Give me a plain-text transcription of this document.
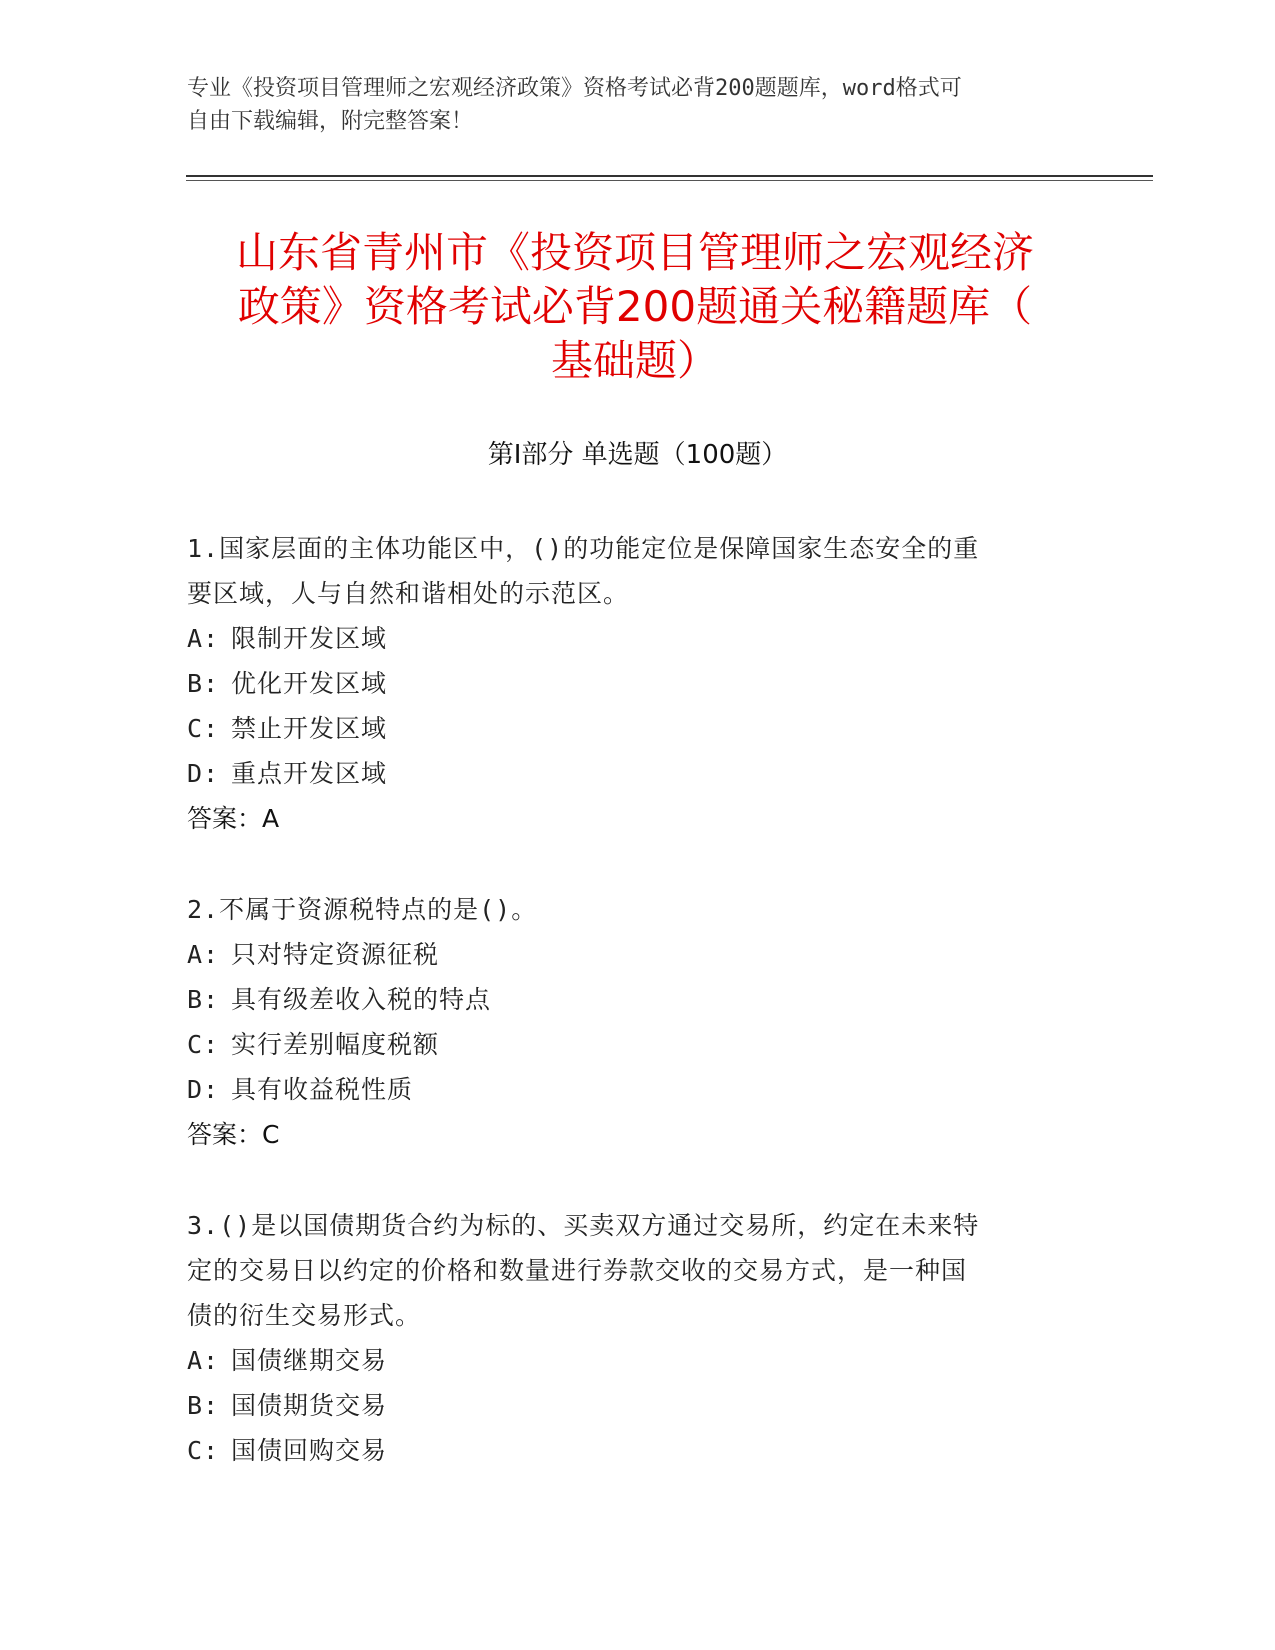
专业《投资项目管理师之宏观经济政策》资格考试必背200题题库，word格式可
自由下载编辑，附完整答案！
山东省青州市《投资项目管理师之宏观经济
政策》资格考试必背200题通关秘籍题库（
基础题）
第Ⅰ部分 单选题（100题）
1.国家层面的主体功能区中，()的功能定位是保障国家生态安全的重
要区域，人与自然和谐相处的示范区。
A: 限制开发区域
B: 优化开发区域
C: 禁止开发区域
D: 重点开发区域
答案：A
2.不属于资源税特点的是()。
A: 只对特定资源征税
B: 具有级差收入税的特点
C: 实行差别幅度税额
D: 具有收益税性质
答案：C
3.()是以国债期货合约为标的、买卖双方通过交易所，约定在未来特
定的交易日以约定的价格和数量进行券款交收的交易方式，是一种国
债的衍生交易形式。
A: 国债继期交易
B: 国债期货交易
C: 国债回购交易
